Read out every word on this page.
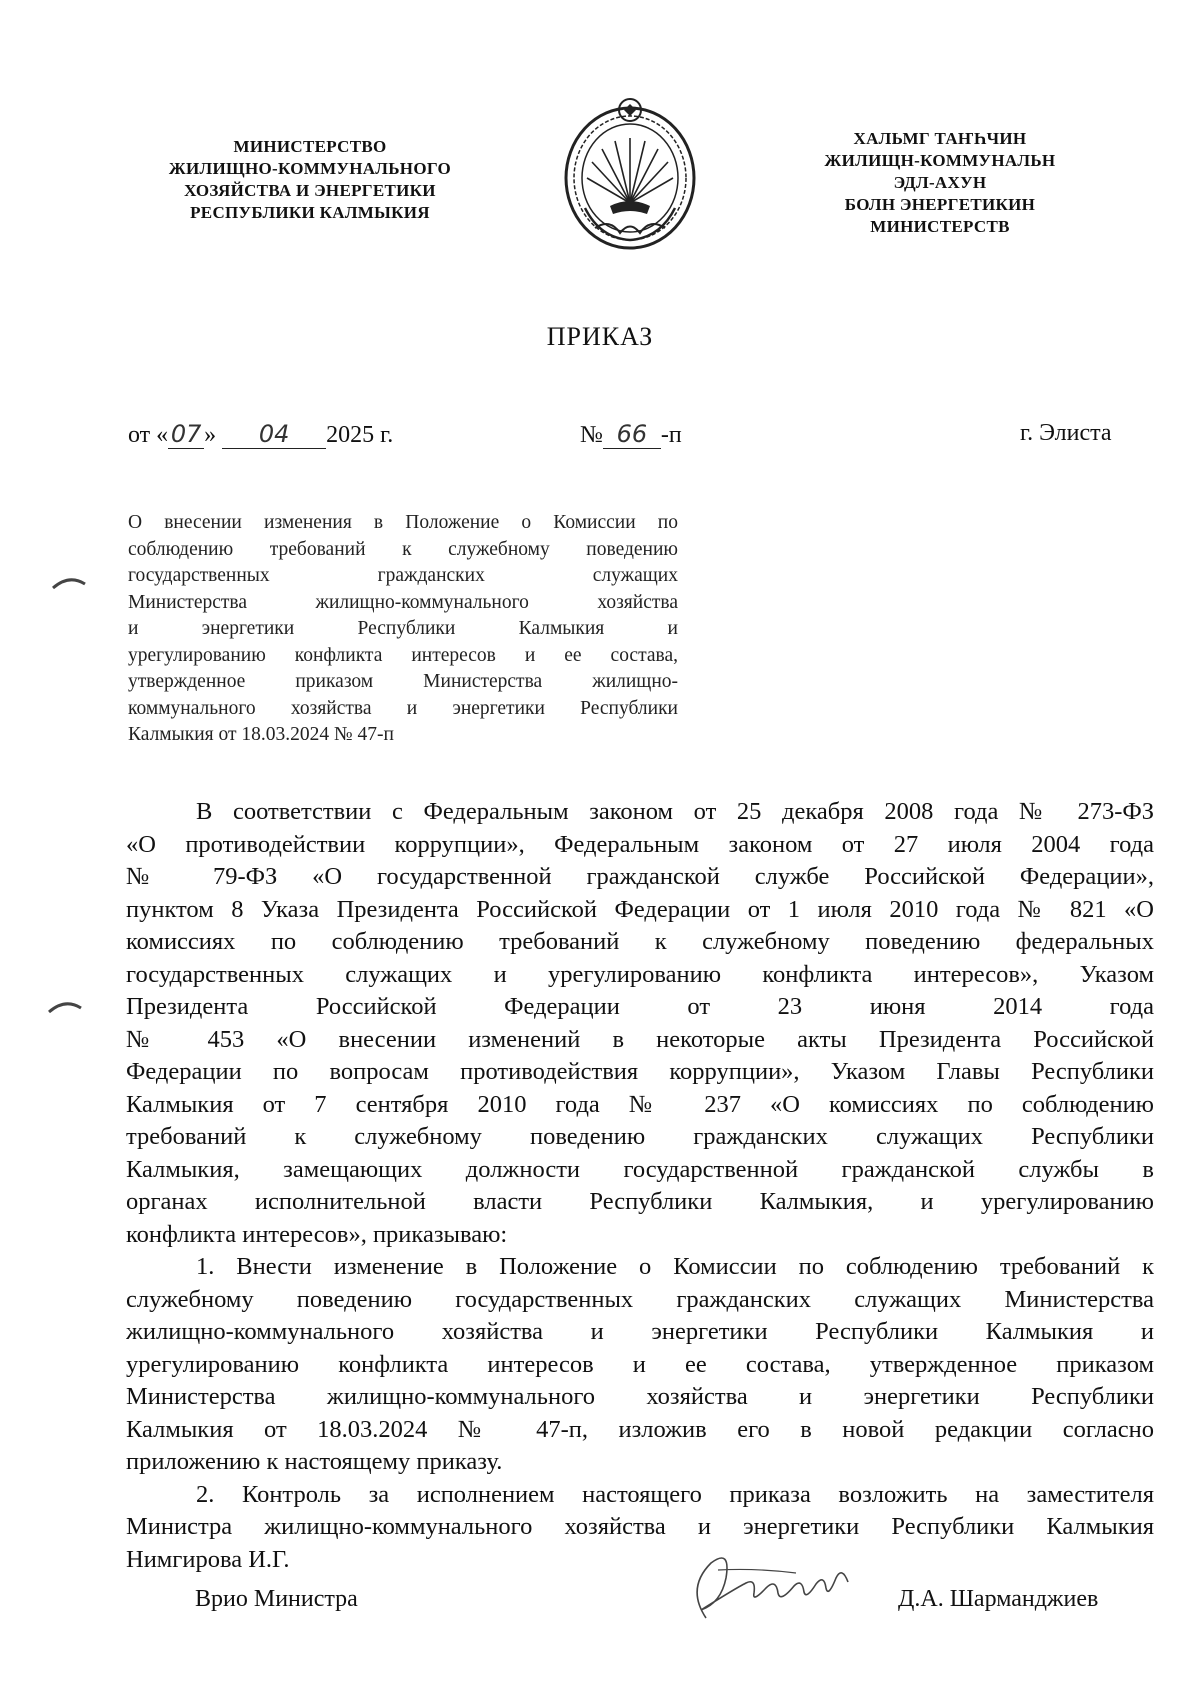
МИНИСТЕРСТВО
ЖИЛИЩНО-КОММУНАЛЬНОГО
ХОЗЯЙСТВА И ЭНЕРГЕТИКИ
РЕСПУБЛИКИ КАЛМЫКИЯ
ХАЛЬМГ ТАҤҺЧИН
ЖИЛИЩН-КОММУНАЛЬН
ЭДЛ-АХУН
БОЛН ЭНЕРГЕТИКИН
МИНИСТЕРСТВ
ПРИКАЗ
от « 07 » 04 2025 г.	№ 66 -п	г. Элиста
О внесении изменения в Положение о Комиссии по
соблюдению требований к служебному поведению
государственных гражданских служащих
Министерства жилищно-коммунального хозяйства
и энергетики Республики Калмыкия и
урегулированию конфликта интересов и ее состава,
утвержденное приказом Министерства жилищно-
коммунального хозяйства и энергетики Республики
Калмыкия от 18.03.2024 № 47-п

В соответствии с Федеральным законом от 25 декабря 2008 года № 273-ФЗ
«О противодействии коррупции», Федеральным законом от 27 июля 2004 года
№ 79-ФЗ «О государственной гражданской службе Российской Федерации»,
пунктом 8 Указа Президента Российской Федерации от 1 июля 2010 года № 821 «О
комиссиях по соблюдению требований к служебному поведению федеральных
государственных служащих и урегулированию конфликта интересов», Указом
Президента Российской Федерации от 23 июня 2014 года
№ 453 «О внесении изменений в некоторые акты Президента Российской
Федерации по вопросам противодействия коррупции», Указом Главы Республики
Калмыкия от 7 сентября 2010 года № 237 «О комиссиях по соблюдению
требований к служебному поведению гражданских служащих Республики
Калмыкия, замещающих должности государственной гражданской службы в
органах исполнительной власти Республики Калмыкия, и урегулированию
конфликта интересов», приказываю:

1. Внести изменение в Положение о Комиссии по соблюдению требований к
служебному поведению государственных гражданских служащих Министерства
жилищно-коммунального хозяйства и энергетики Республики Калмыкия и
урегулированию конфликта интересов и ее состава, утвержденное приказом
Министерства жилищно-коммунального хозяйства и энергетики Республики
Калмыкия от 18.03.2024 № 47-п, изложив его в новой редакции согласно
приложению к настоящему приказу.

2. Контроль за исполнением настоящего приказа возложить на заместителя
Министра жилищно-коммунального хозяйства и энергетики Республики Калмыкия
Нимгирова И.Г.

Врио Министра	Д.А. Шарманджиев
